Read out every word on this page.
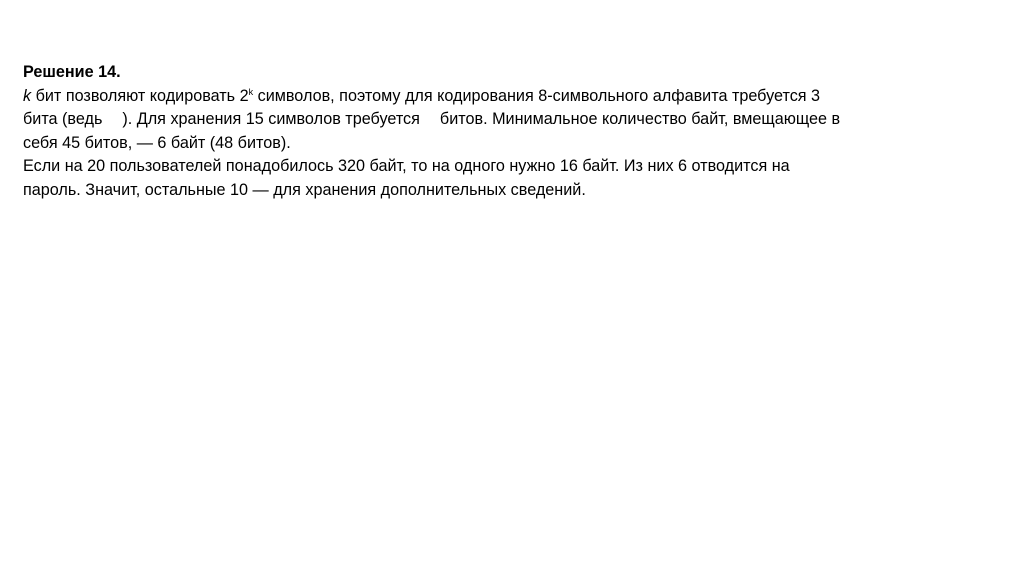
Решение 14.
k бит позволяют кодировать 2$^k$ символов, поэтому для кодирования 8-символьного алфавита требуется 3
бита (ведь ). Для хранения 15 символов требуется битов. Минимальное количество байт, вмещающее в
себя 45 битов, — 6 байт (48 битов).
Если на 20 пользователей понадобилось 320 байт, то на одного нужно 16 байт. Из них 6 отводится на
пароль. Значит, остальные 10 — для хранения дополнительных сведений.
